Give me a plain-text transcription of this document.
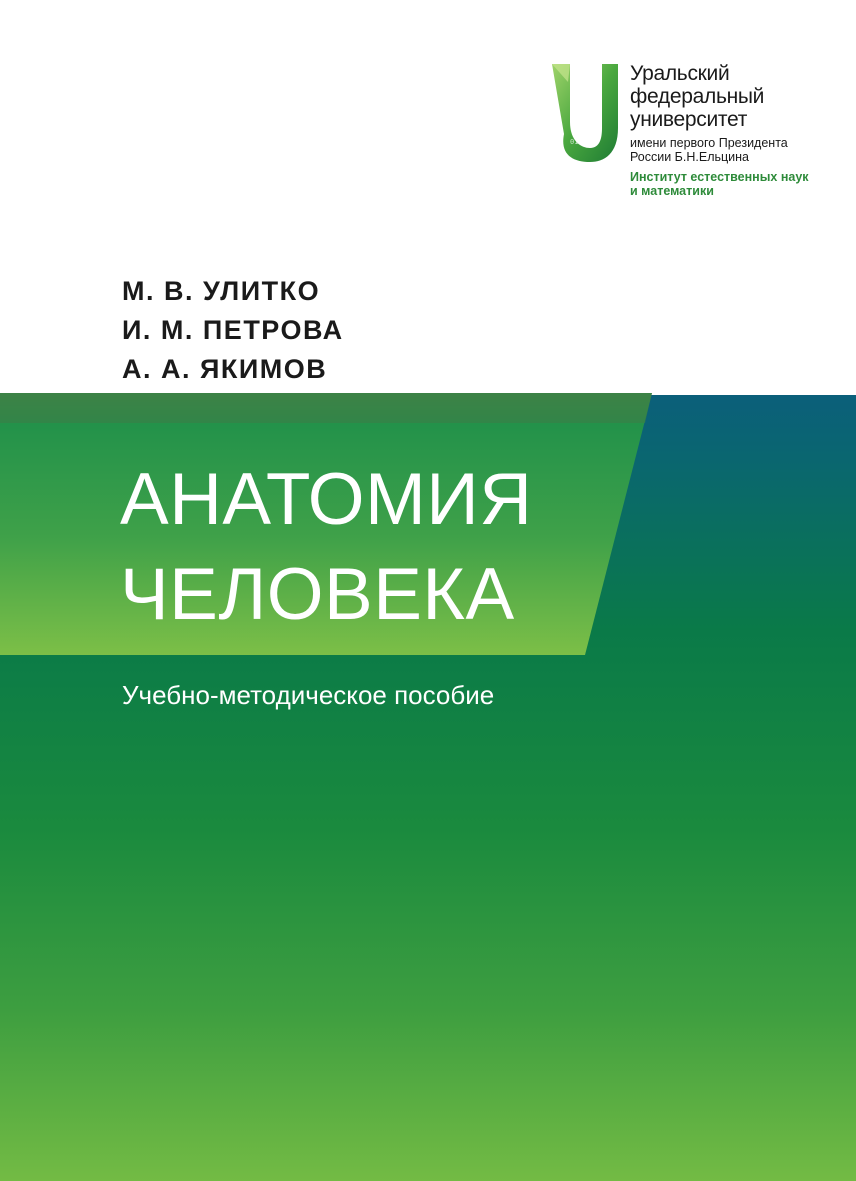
0101
10101
0101
Уральский
федеральный
университет
имени первого Президента
России Б.Н.Ельцина
Институт естественных наук
и математики
М. В. УЛИТКО
И. М. ПЕТРОВА
А. А. ЯКИМОВ
АНАТОМИЯ
ЧЕЛОВЕКА
Учебно-методическое пособие
